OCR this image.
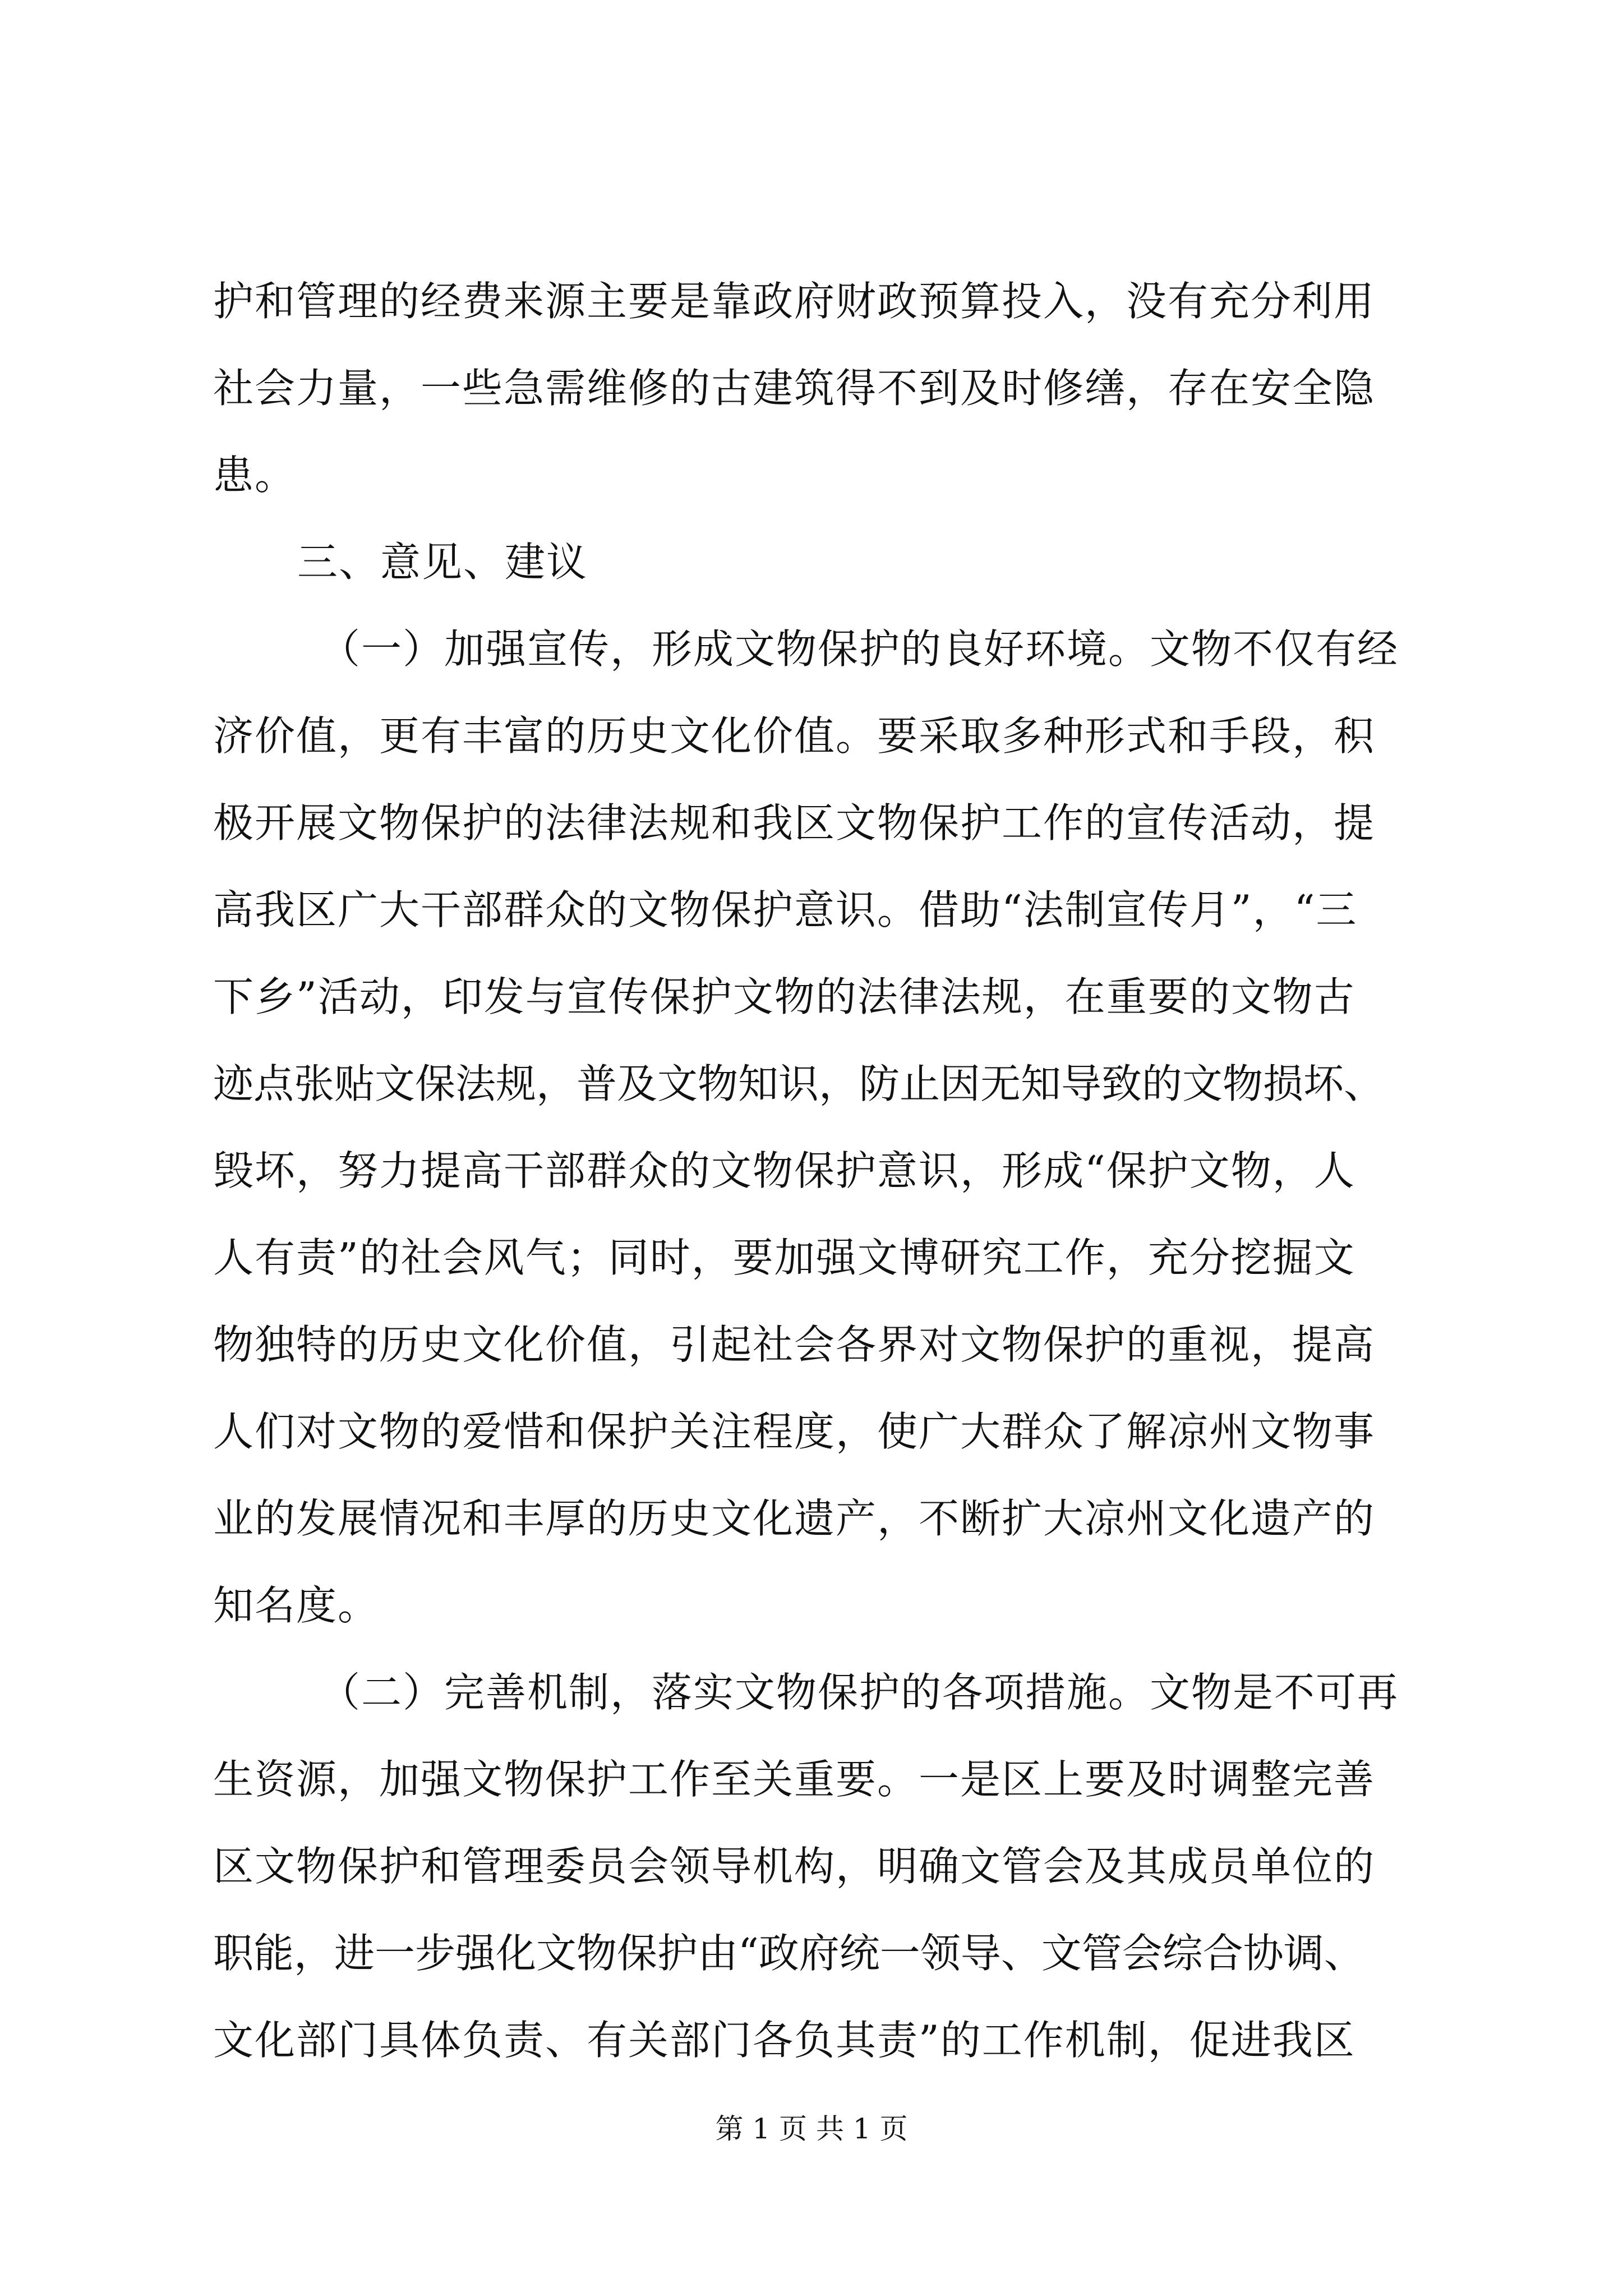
护和管理的经费来源主要是靠政府财政预算投入，没有充分利用
社会力量，一些急需维修的古建筑得不到及时修缮，存在安全隐
患。
三、意见、建议
（一）加强宣传，形成文物保护的良好环境。文物不仅有经
济价值，更有丰富的历史文化价值。要采取多种形式和手段，积
极开展文物保护的法律法规和我区文物保护工作的宣传活动，提
高我区广大干部群众的文物保护意识。借助“法制宣传月”，“三
下乡”活动，印发与宣传保护文物的法律法规，在重要的文物古
迹点张贴文保法规，普及文物知识，防止因无知导致的文物损坏、
毁坏，努力提高干部群众的文物保护意识，形成“保护文物，人
人有责”的社会风气；同时，要加强文博研究工作，充分挖掘文
物独特的历史文化价值，引起社会各界对文物保护的重视，提高
人们对文物的爱惜和保护关注程度，使广大群众了解凉州文物事
业的发展情况和丰厚的历史文化遗产，不断扩大凉州文化遗产的
知名度。
（二）完善机制，落实文物保护的各项措施。文物是不可再
生资源，加强文物保护工作至关重要。一是区上要及时调整完善
区文物保护和管理委员会领导机构，明确文管会及其成员单位的
职能，进一步强化文物保护由“政府统一领导、文管会综合协调、
文化部门具体负责、有关部门各负其责”的工作机制，促进我区
第 1 页 共 1 页
